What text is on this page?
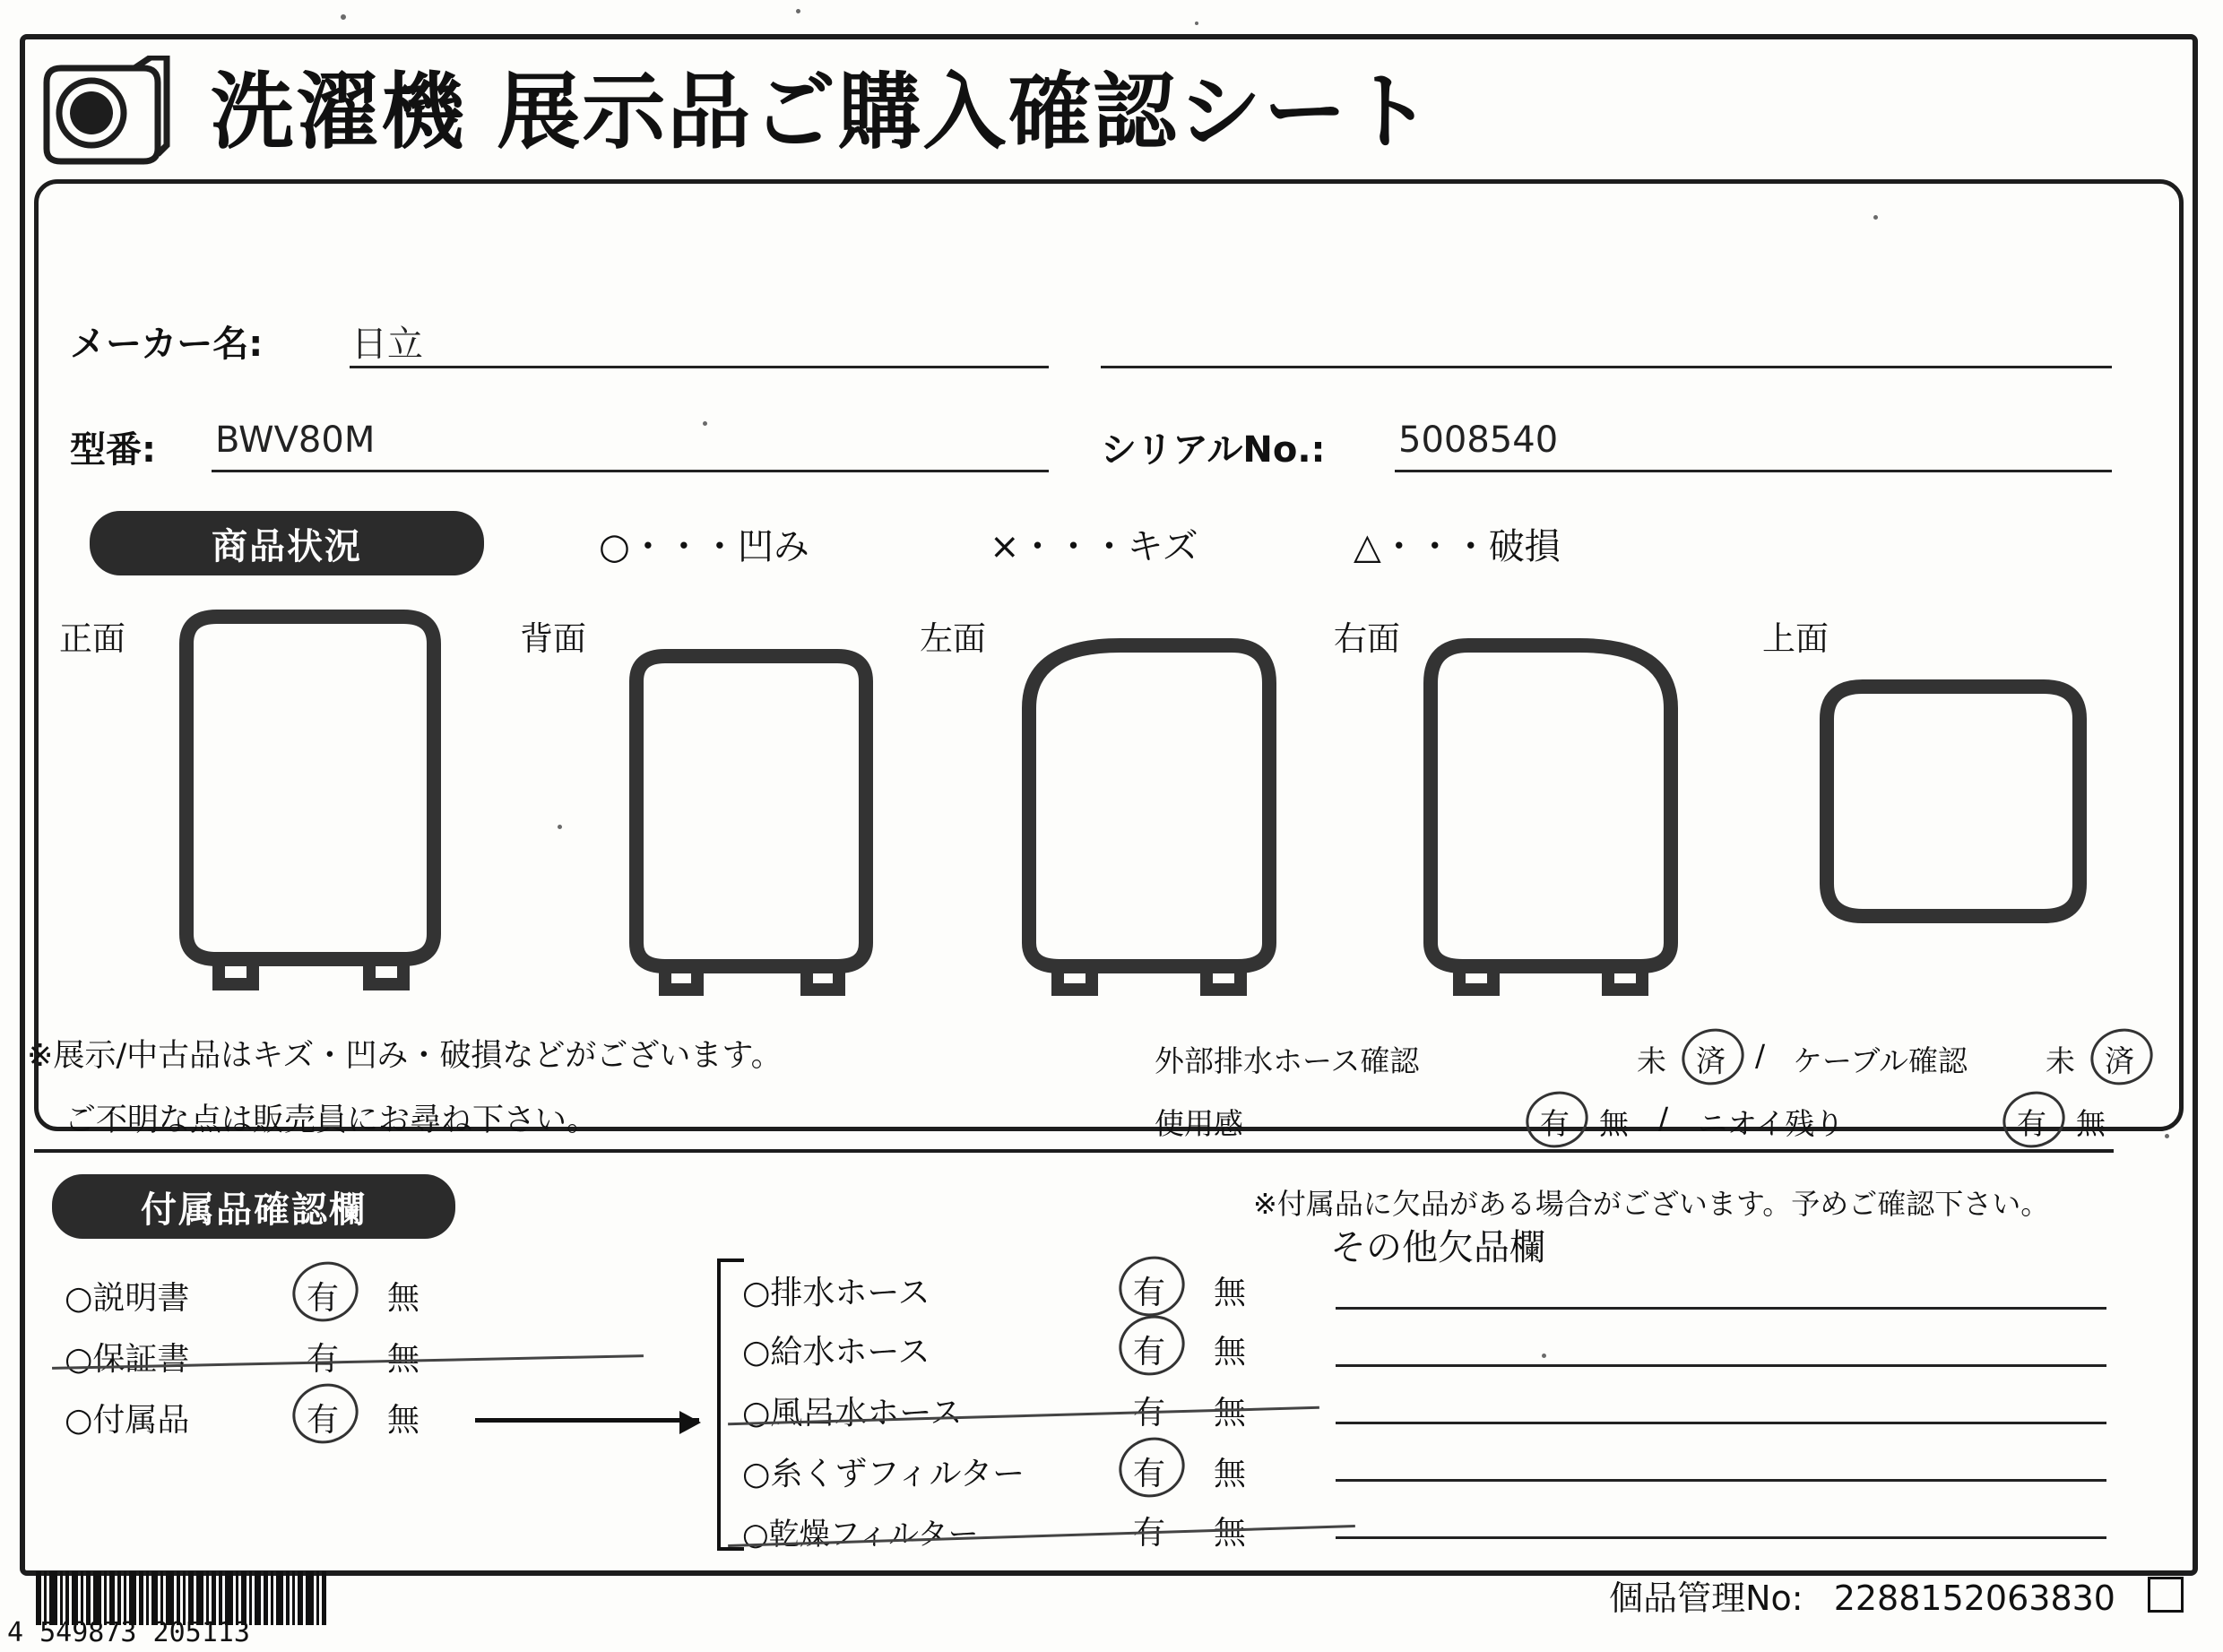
洗濯機 展示品ご購入確認シート
メーカー名: 日立
型番: BWV80M	シリアルNo.: 5008540
商品状況	○・・・凹み	×・・・キズ	△・・・破損
正面	背面	左面	右面	上面
※展示/中古品はキズ・凹み・破損などがございます。
ご不明な点は販売員にお尋ね下さい。
外部排水ホース確認	未 済 / ケーブル確認	未 済
使用感	有 無 / ニオイ残り	有 無
付属品確認欄	※付属品に欠品がある場合がございます。予めご確認下さい。
○説明書	有 無
○保証書	有 無
○付属品	有 無
○排水ホース	有 無
○給水ホース	有 無
○風呂水ホース	有 無
○糸くずフィルター	有 無
○乾燥フィルター	有 無
その他欠品欄
4 549873 205113
個品管理No: 2288152063830
